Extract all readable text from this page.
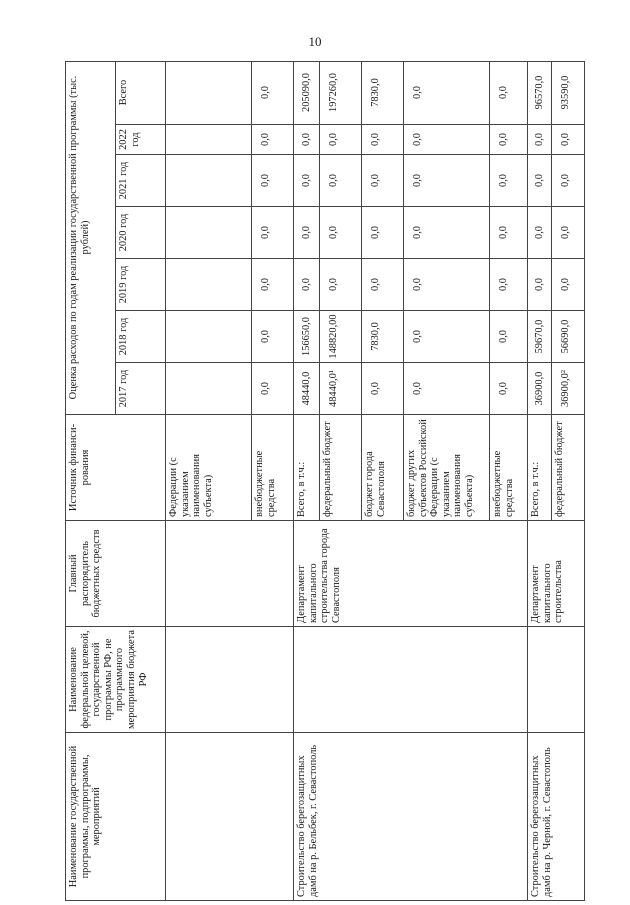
10
Наименование государственной программы, подпрограммы, мероприятий
Наименование федеральной целевой, государственной программы РФ, не программного мероприятия бюджета РФ
Главный распорядитель бюджетных средств
Источник финанси-рования
Оценка расходов по годам реализации государственной программы (тыс. рублей)
2017 год
2018 год
2019 год
2020 год
2021 год
2022 год
Всего
Строительство берегозащитных дамб на р. Бельбек, г. Севастополь
Департамент капитального строительства города Севастополя
Строительство берегозащитных дамб на р. Черной, г. Севастополь
Департамент капитального строительства
Федерации (с указанием наименования субъекта)	внебюджетные средства
0,0
0,0
0,0
0,0
0,0
0,0
0,0
Всего, в т.ч.:
48440,0
156650,0
0,0
0,0
0,0
0,0
205090,0
федеральный бюджет
48440,0¹
148820,00
0,0
0,0
0,0
0,0
197260,0
бюджет города Севастополя
0,0
7830,0
0,0
0,0
0,0
0,0
7830,0
бюджет других субъектов Российской Федерации (с указанием наименования субъекта)
0,0
0,0
0,0
0,0
0,0
0,0
0,0
внебюджетные средства
0,0
0,0
0,0
0,0
0,0
0,0
0,0
Всего, в т.ч.:
36900,0
59670,0
0,0
0,0
0,0
0,0
96570,0
федеральный бюджет
36900,0²
56690,0
0,0
0,0
0,0
0,0
93590,0
